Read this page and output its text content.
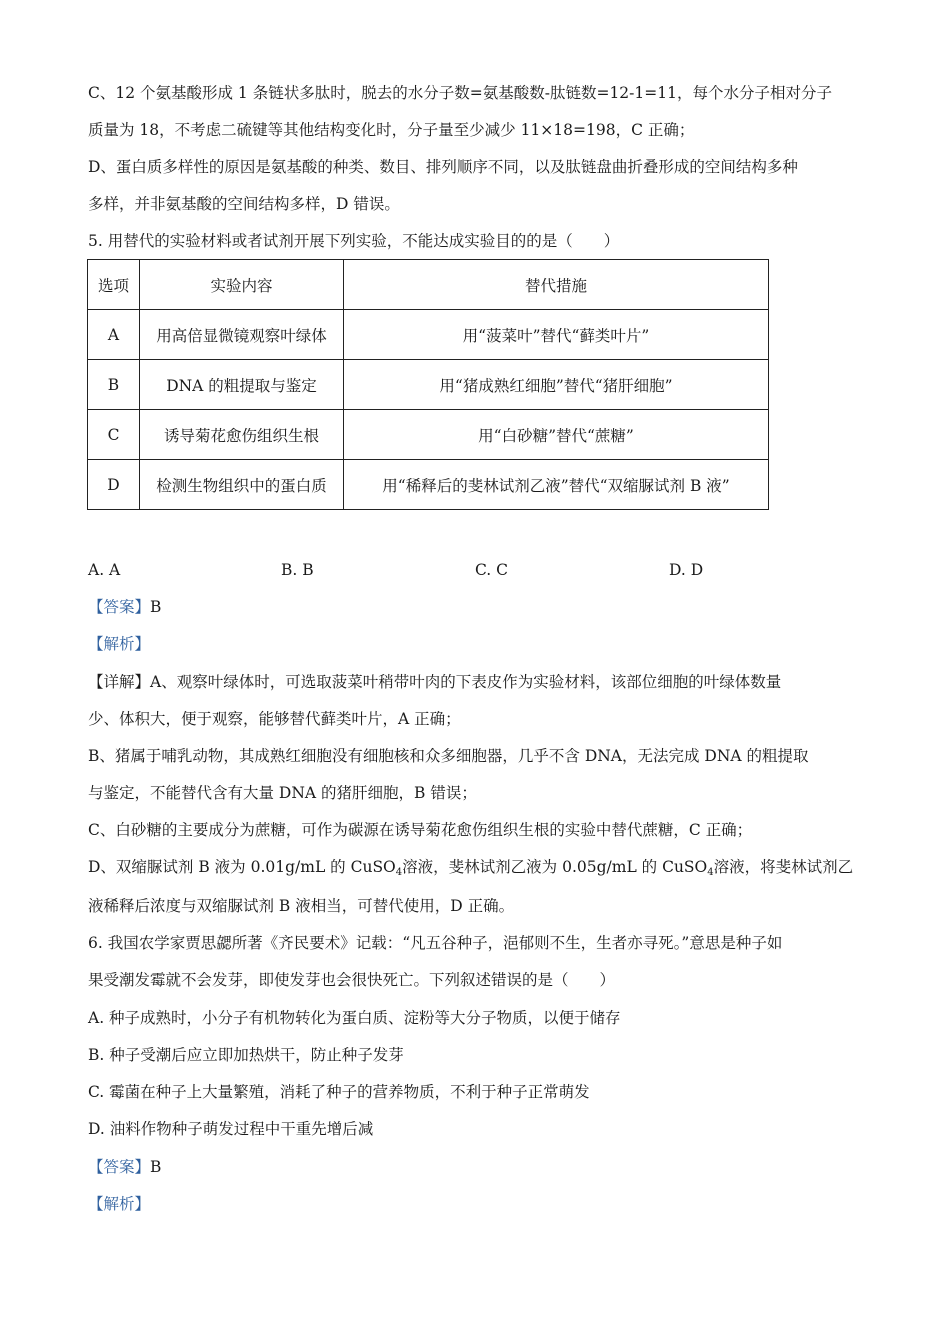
C、12 个氨基酸形成 1 条链状多肽时，脱去的水分子数=氨基酸数-肽链数=12-1=11，每个水分子相对分子
质量为 18，不考虑二硫键等其他结构变化时，分子量至少减少 11×18=198，C 正确；
D、蛋白质多样性的原因是氨基酸的种类、数目、排列顺序不同，以及肽链盘曲折叠形成的空间结构多种
多样，并非氨基酸的空间结构多样，D 错误。
5. 用替代的实验材料或者试剂开展下列实验，不能达成实验目的的是（　　）
选项	实验内容	替代措施
A	用高倍显微镜观察叶绿体	用“菠菜叶”替代“藓类叶片”
B	DNA 的粗提取与鉴定	用“猪成熟红细胞”替代“猪肝细胞”
C	诱导菊花愈伤组织生根	用“白砂糖”替代“蔗糖”
D	检测生物组织中的蛋白质	用“稀释后的斐林试剂乙液”替代“双缩脲试剂 B 液”
A. A	B. B	C. C	D. D
【答案】B
【解析】
【详解】A、观察叶绿体时，可选取菠菜叶稍带叶肉的下表皮作为实验材料，该部位细胞的叶绿体数量
少、体积大，便于观察，能够替代藓类叶片，A 正确；
B、猪属于哺乳动物，其成熟红细胞没有细胞核和众多细胞器，几乎不含 DNA，无法完成 DNA 的粗提取
与鉴定，不能替代含有大量 DNA 的猪肝细胞，B 错误；
C、白砂糖的主要成分为蔗糖，可作为碳源在诱导菊花愈伤组织生根的实验中替代蔗糖，C 正确；
D、双缩脲试剂 B 液为 0.01g/mL 的 CuSO$_4$溶液，斐林试剂乙液为 0.05g/mL 的 CuSO$_4$溶液，将斐林试剂乙
液稀释后浓度与双缩脲试剂 B 液相当，可替代使用，D 正确。
6. 我国农学家贾思勰所著《齐民要术》记载：“凡五谷种子，浥郁则不生，生者亦寻死。”意思是种子如
果受潮发霉就不会发芽，即使发芽也会很快死亡。下列叙述错误的是（　　）
A. 种子成熟时，小分子有机物转化为蛋白质、淀粉等大分子物质，以便于储存
B. 种子受潮后应立即加热烘干，防止种子发芽
C. 霉菌在种子上大量繁殖，消耗了种子的营养物质，不利于种子正常萌发
D. 油料作物种子萌发过程中干重先增后减
【答案】B
【解析】
